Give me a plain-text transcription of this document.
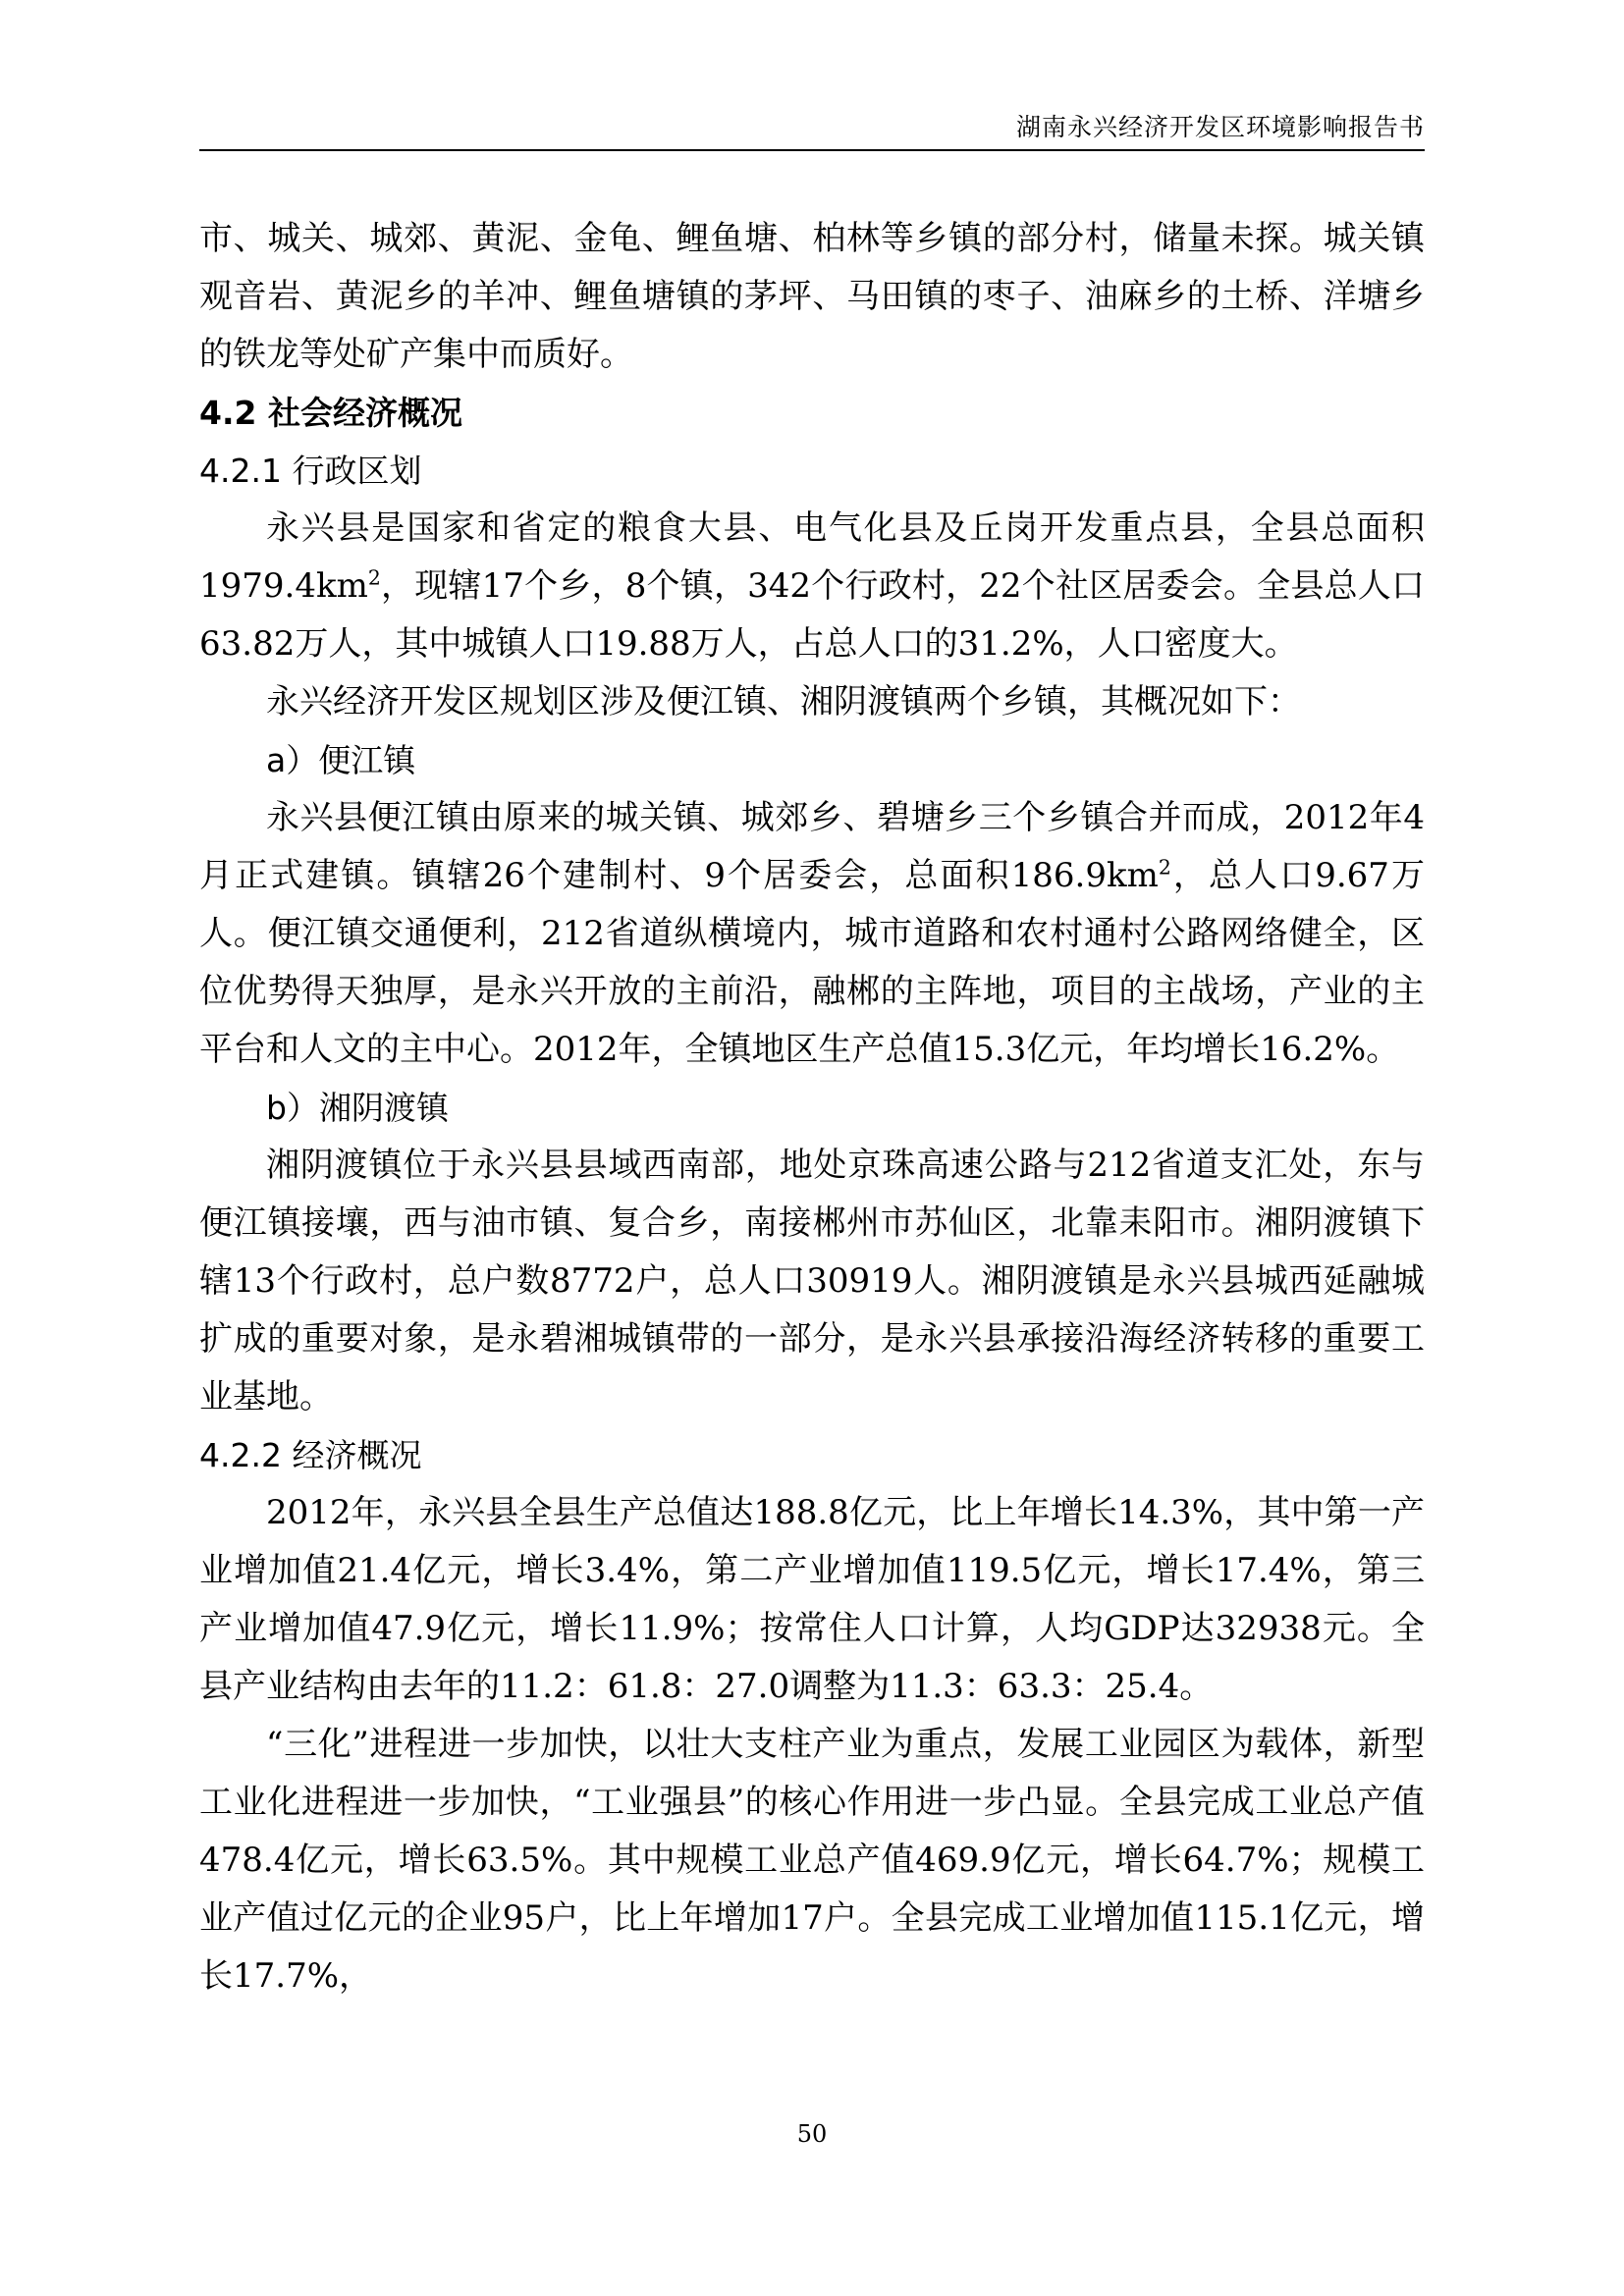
湖南永兴经济开发区环境影响报告书

市、城关、城郊、黄泥、金龟、鲤鱼塘、柏林等乡镇的部分村，储量未探。城关镇观音岩、黄泥乡的羊冲、鲤鱼塘镇的茅坪、马田镇的枣子、油麻乡的土桥、洋塘乡的铁龙等处矿产集中而质好。

4.2 社会经济概况

4.2.1 行政区划

永兴县是国家和省定的粮食大县、电气化县及丘岗开发重点县，全县总面积$1979.4km^2$，现辖17个乡，8个镇，342个行政村，22个社区居委会。全县总人口63.82万人，其中城镇人口19.88万人，占总人口的31.2%，人口密度大。

永兴经济开发区规划区涉及便江镇、湘阴渡镇两个乡镇，其概况如下：

a）便江镇

永兴县便江镇由原来的城关镇、城郊乡、碧塘乡三个乡镇合并而成，2012年4月正式建镇。镇辖26个建制村、9个居委会，总面积$186.9km^2$，总人口9.67万人。便江镇交通便利，212省道纵横境内，城市道路和农村通村公路网络健全，区位优势得天独厚，是永兴开放的主前沿，融郴的主阵地，项目的主战场，产业的主平台和人文的主中心。2012年，全镇地区生产总值15.3亿元，年均增长16.2%。

b）湘阴渡镇

湘阴渡镇位于永兴县县域西南部，地处京珠高速公路与212省道支汇处，东与便江镇接壤，西与油市镇、复合乡，南接郴州市苏仙区，北靠耒阳市。湘阴渡镇下辖13个行政村，总户数8772户，总人口30919人。湘阴渡镇是永兴县城西延融城扩成的重要对象，是永碧湘城镇带的一部分，是永兴县承接沿海经济转移的重要工业基地。

4.2.2 经济概况

2012年，永兴县全县生产总值达188.8亿元，比上年增长14.3%，其中第一产业增加值21.4亿元，增长3.4%，第二产业增加值119.5亿元，增长17.4%，第三产业增加值47.9亿元，增长11.9%；按常住人口计算，人均GDP达32938元。全县产业结构由去年的11.2：61.8：27.0调整为11.3：63.3：25.4。

“三化”进程进一步加快，以壮大支柱产业为重点，发展工业园区为载体，新型工业化进程进一步加快，“工业强县”的核心作用进一步凸显。全县完成工业总产值478.4亿元，增长63.5%。其中规模工业总产值469.9亿元，增长64.7%；规模工业产值过亿元的企业95户，比上年增加17户。全县完成工业增加值115.1亿元，增长17.7%，

50
